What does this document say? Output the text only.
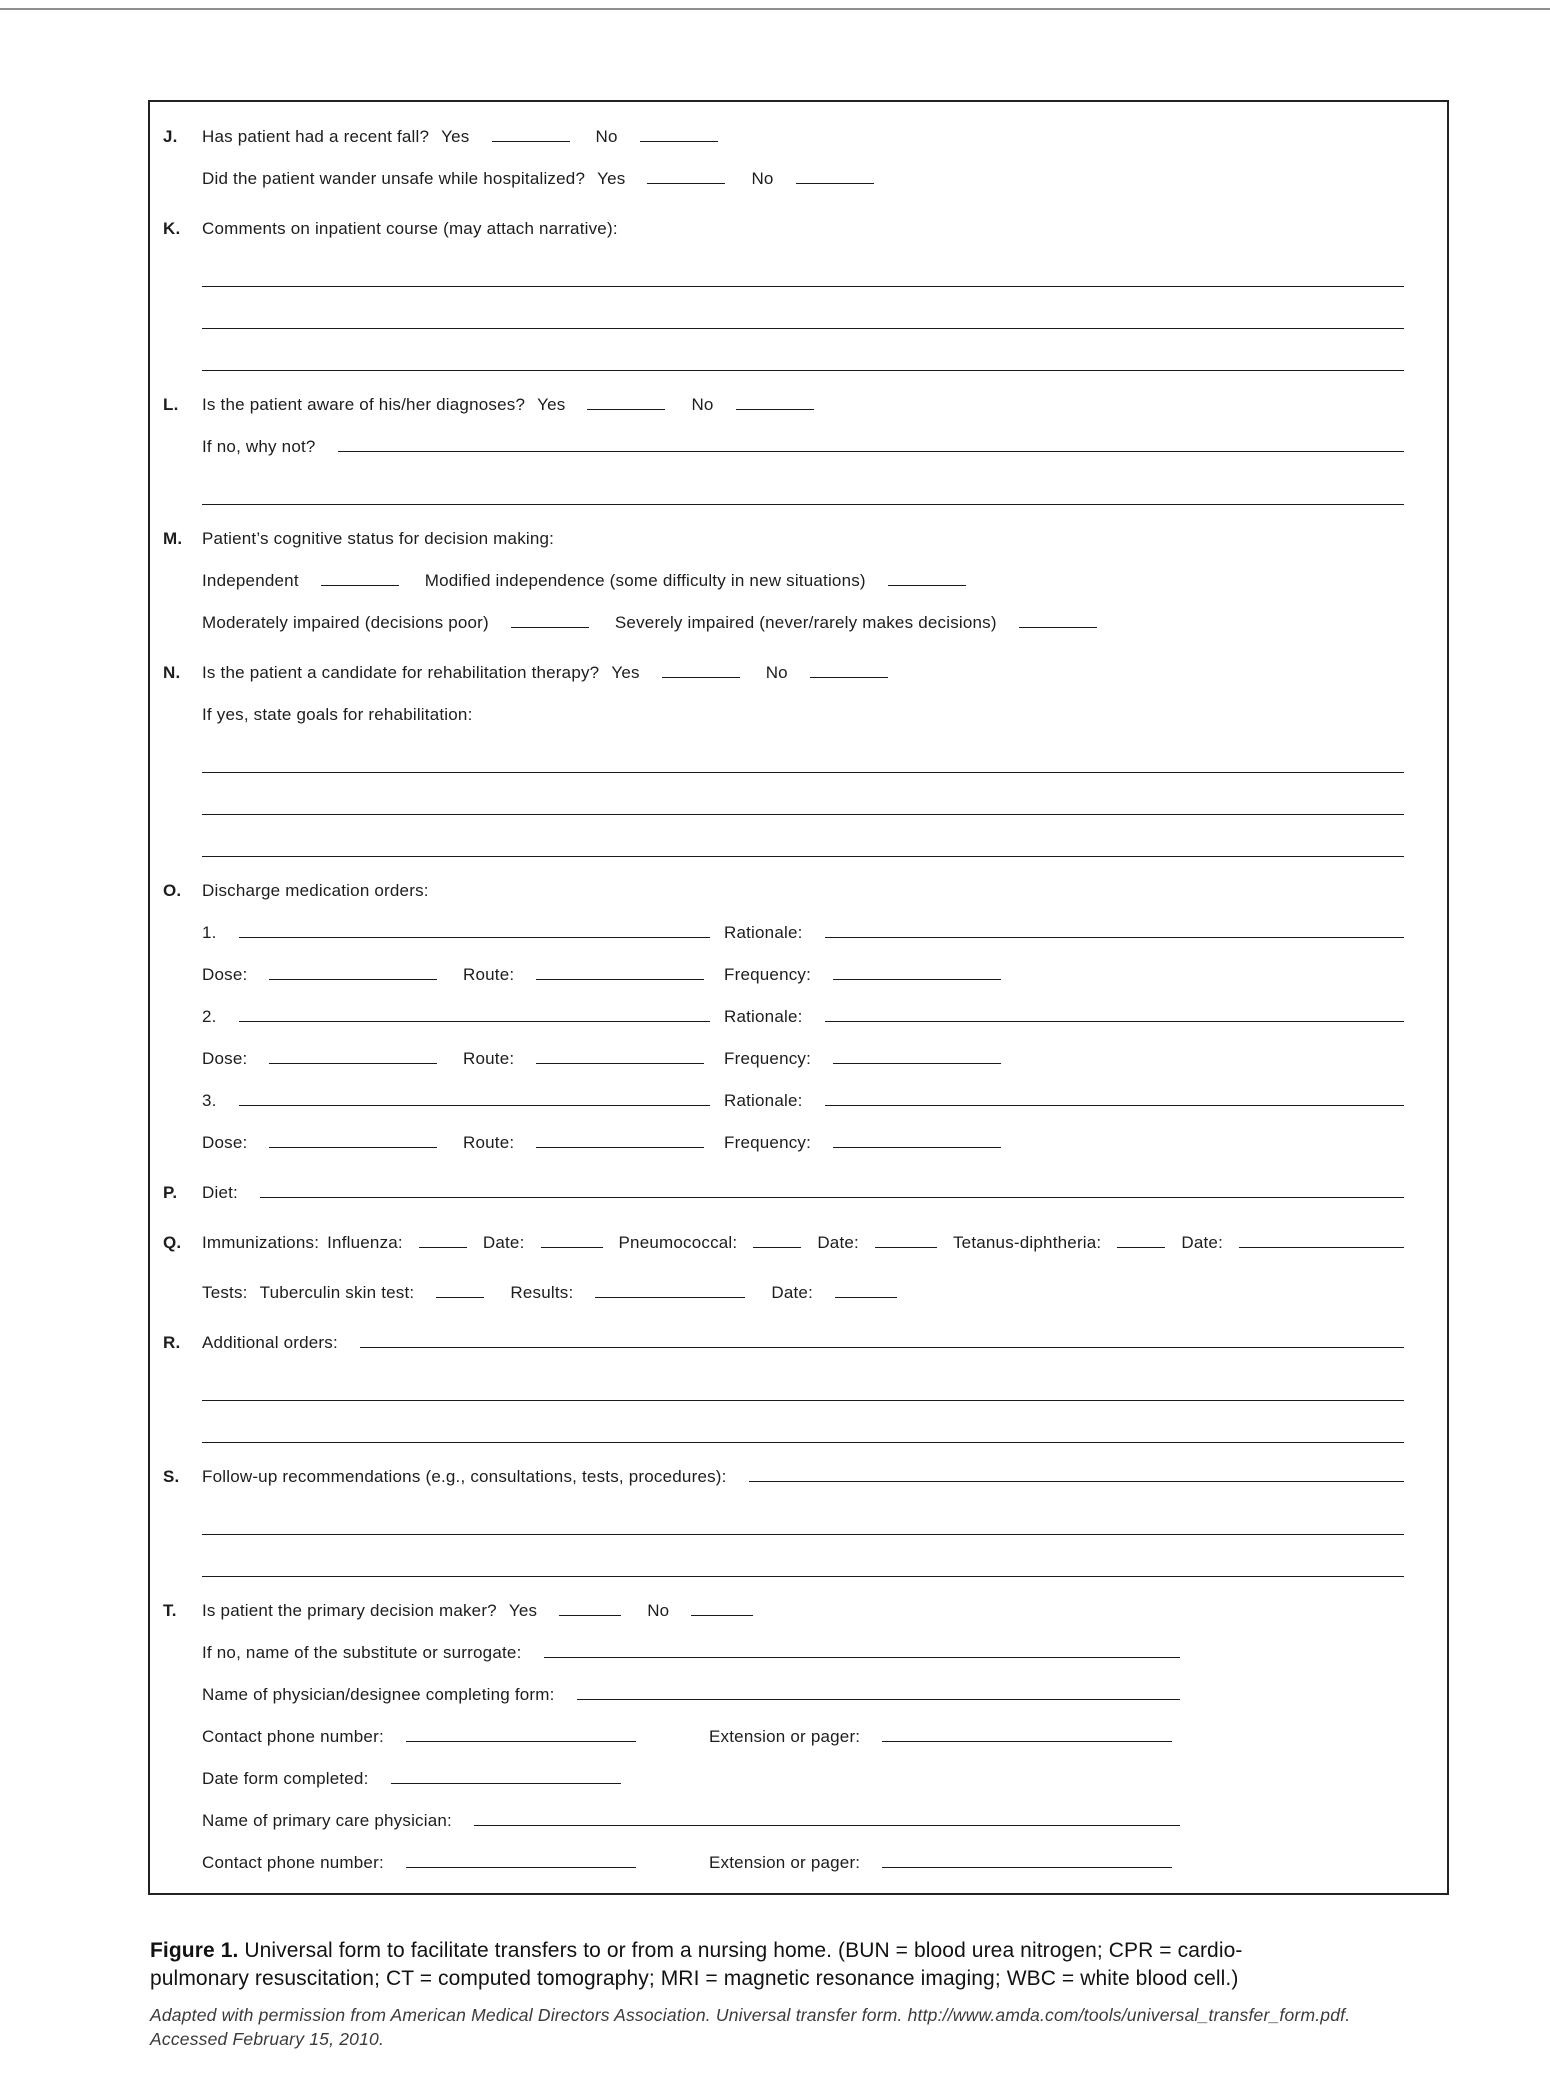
J.	Has patient had a recent fall? Yes	No
Did the patient wander unsafe while hospitalized? Yes	No
K.	Comments on inpatient course (may attach narrative):
L.	Is the patient aware of his/her diagnoses? Yes	No
If no, why not?
M.	Patient’s cognitive status for decision making:
Independent	Modified independence (some difficulty in new situations)
Moderately impaired (decisions poor)	Severely impaired (never/rarely makes decisions)
N.	Is the patient a candidate for rehabilitation therapy? Yes	No
If yes, state goals for rehabilitation:
O.	Discharge medication orders:
1.	Rationale:
Dose:	Route:	Frequency:
2.	Rationale:
Dose:	Route:	Frequency:
3.	Rationale:
Dose:	Route:	Frequency:
P.	Diet:
Q.	Immunizations: Influenza:	Date:	Pneumococcal:	Date:	Tetanus-diphtheria:	Date:
Tests: Tuberculin skin test:	Results:	Date:
R.	Additional orders:
S.	Follow-up recommendations (e.g., consultations, tests, procedures):
T.	Is patient the primary decision maker? Yes	No
If no, name of the substitute or surrogate:
Name of physician/designee completing form:
Contact phone number:	Extension or pager:
Date form completed:
Name of primary care physician:
Contact phone number:	Extension or pager:

Figure 1. Universal form to facilitate transfers to or from a nursing home. (BUN = blood urea nitrogen; CPR = cardio-
pulmonary resuscitation; CT = computed tomography; MRI = magnetic resonance imaging; WBC = white blood cell.)

Adapted with permission from American Medical Directors Association. Universal transfer form. http://www.amda.com/tools/universal_transfer_form.pdf.
Accessed February 15, 2010.
